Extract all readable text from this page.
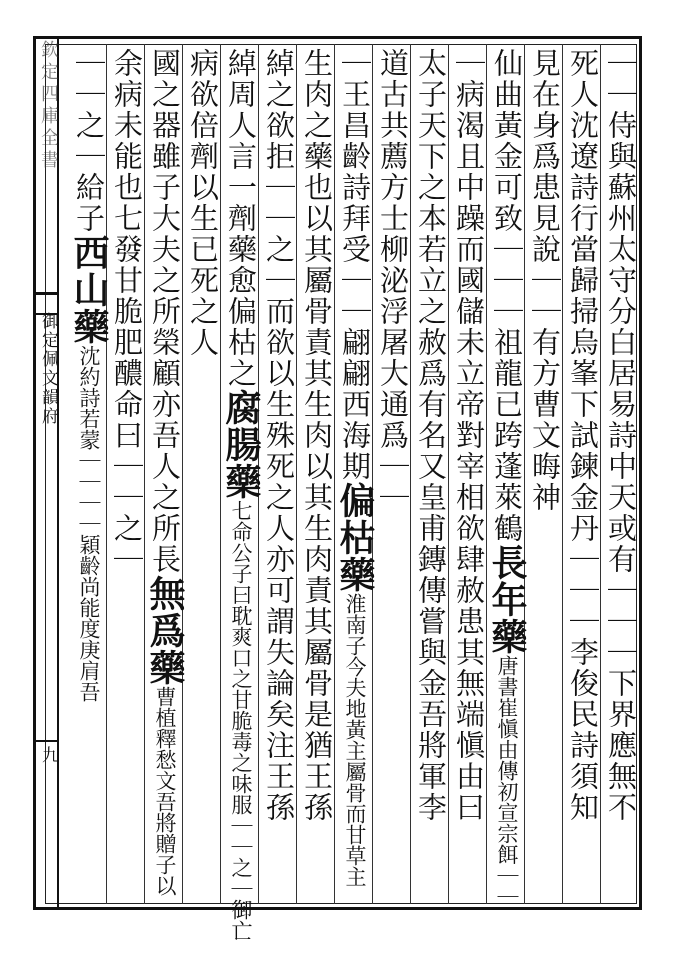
欽定四庫全書
御定佩文韻府
九	｜｜侍與蘇州太守分白居易詩中天或有｜｜｜下界應無不
死人沈遼詩行當歸掃烏峯下試鍊金丹｜｜｜李俊民詩須知
見在身爲患見說｜｜有方曹文晦神
仙曲黃金可致｜｜｜祖龍已跨蓬萊鶴長年藥唐書崔愼由傳初宣宗餌｜｜
｜病渴且中躁而國儲未立帝對宰相欲肆赦患其無端愼由曰
太子天下之本若立之赦爲有名又皇甫鏄傳嘗與金吾將軍李
道古共薦方士柳泌浮屠大通爲｜｜
｜王昌齡詩拜受｜｜翩翩西海期偏枯藥淮南子今夫地黃主屬骨而甘草主
生肉之藥也以其屬骨責其生肉以其生肉責其屬骨是猶王孫
綽之欲拒｜｜之｜而欲以生殊死之人亦可謂失論矣注王孫
綽周人言一劑藥愈偏枯之腐腸藥七命公子曰耽爽口之甘脆毒之味服｜｜之｜御亡
病欲倍劑以生已死之人
國之器雖子大夫之所榮顧亦吾人之所長無爲藥曹植釋愁文吾將贈子以
余病未能也七發甘脆肥醲命曰｜｜之｜
｜｜之｜給子西山藥沈約詩若蒙｜｜｜｜穎齡尚能度庚肩吾
